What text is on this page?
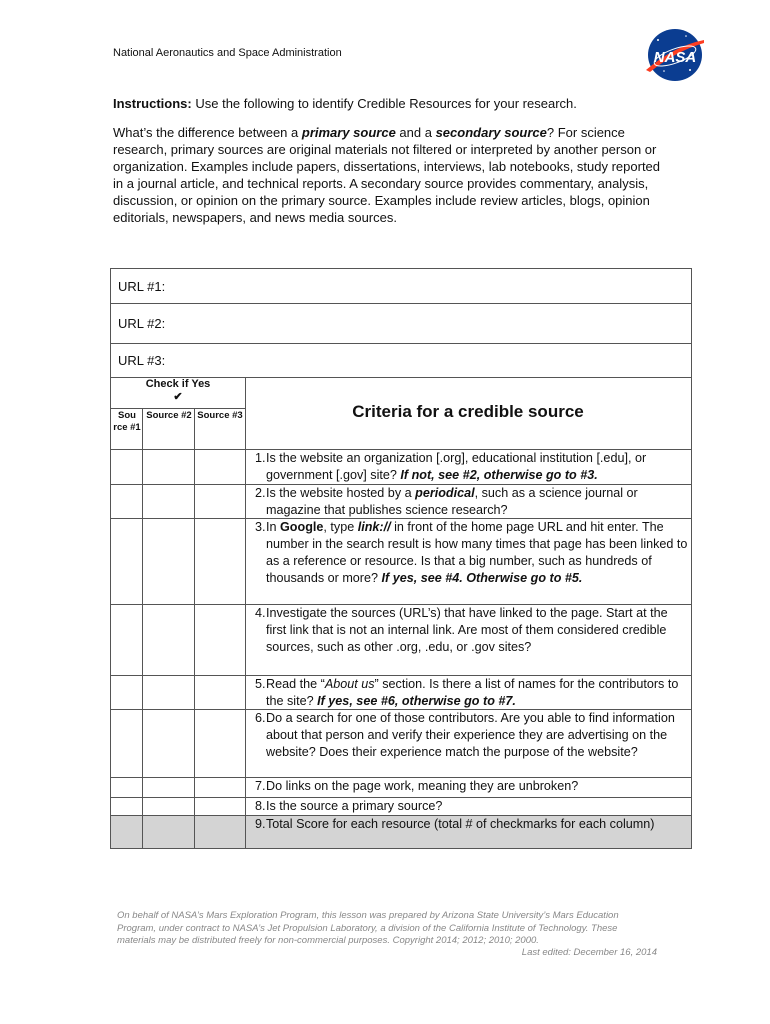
National Aeronautics and Space Administration	NASA
Instructions: Use the following to identify Credible Resources for your research.
What’s the difference between a primary source and a secondary source? For science research, primary sources are original materials not filtered or interpreted by another person or organization. Examples include papers, dissertations, interviews, lab notebooks, study reported in a journal article, and technical reports. A secondary source provides commentary, analysis, discussion, or opinion on the primary source. Examples include review articles, blogs, opinion editorials, newspapers, and news media sources.
URL #1:
URL #2:
URL #3:
Check if Yes
✔
Sou rce #1
Source #2 Source #3	Criteria for a credible source
1. Is the website an organization [.org], educational institution [.edu], or government [.gov] site? If not, see #2, otherwise go to #3.
2. Is the website hosted by a periodical, such as a science journal or magazine that publishes science research?
3. In Google, type link:// in front of the home page URL and hit enter. The number in the search result is how many times that page has been linked to as a reference or resource. Is that a big number, such as hundreds of thousands or more? If yes, see #4. Otherwise go to #5.
4. Investigate the sources (URL’s) that have linked to the page. Start at the first link that is not an internal link. Are most of them considered credible sources, such as other .org, .edu, or .gov sites?
5. Read the “About us” section. Is there a list of names for the contributors to the site? If yes, see #6, otherwise go to #7.
6. Do a search for one of those contributors. Are you able to find information about that person and verify their experience they are advertising on the website? Does their experience match the purpose of the website?
7. Do links on the page work, meaning they are unbroken?
8. Is the source a primary source?
9. Total Score for each resource (total # of checkmarks for each column)
On behalf of NASA’s Mars Exploration Program, this lesson was prepared by Arizona State University’s Mars Education Program, under contract to NASA’s Jet Propulsion Laboratory, a division of the California Institute of Technology. These materials may be distributed freely for non-commercial purposes. Copyright 2014; 2012; 2010; 2000.
Last edited: December 16, 2014
